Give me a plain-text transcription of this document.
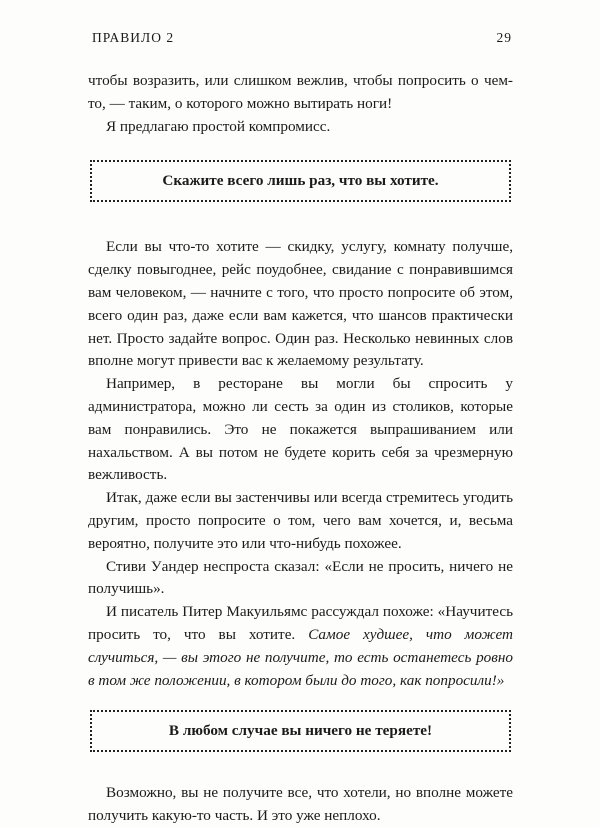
ПРАВИЛО 2	29

чтобы возразить, или слишком вежлив, чтобы попросить о чем-то, — таким, о которого можно вытирать ноги!

Я предлагаю простой компромисс.

Скажите всего лишь раз, что вы хотите.

Если вы что-то хотите — скидку, услугу, комнату получше, сделку повыгоднее, рейс поудобнее, свидание с понравившимся вам человеком, — начните с того, что просто попросите об этом, всего один раз, даже если вам кажется, что шансов практически нет. Просто задайте вопрос. Один раз. Несколько невинных слов вполне могут привести вас к желаемому результату.

Например, в ресторане вы могли бы спросить у администратора, можно ли сесть за один из столиков, которые вам понравились. Это не покажется выпрашиванием или нахальством. А вы потом не будете корить себя за чрезмерную вежливость.

Итак, даже если вы застенчивы или всегда стремитесь угодить другим, просто попросите о том, чего вам хочется, и, весьма вероятно, получите это или что-нибудь похожее.

Стиви Уандер неспроста сказал: «Если не просить, ничего не получишь».

И писатель Питер Макуильямс рассуждал похоже: «Научитесь просить то, что вы хотите. Самое худшее, что может случиться, — вы этого не получите, то есть останетесь ровно в том же положении, в котором были до того, как попросили!»

В любом случае вы ничего не теряете!

Возможно, вы не получите все, что хотели, но вполне можете получить какую-то часть. И это уже неплохо.
